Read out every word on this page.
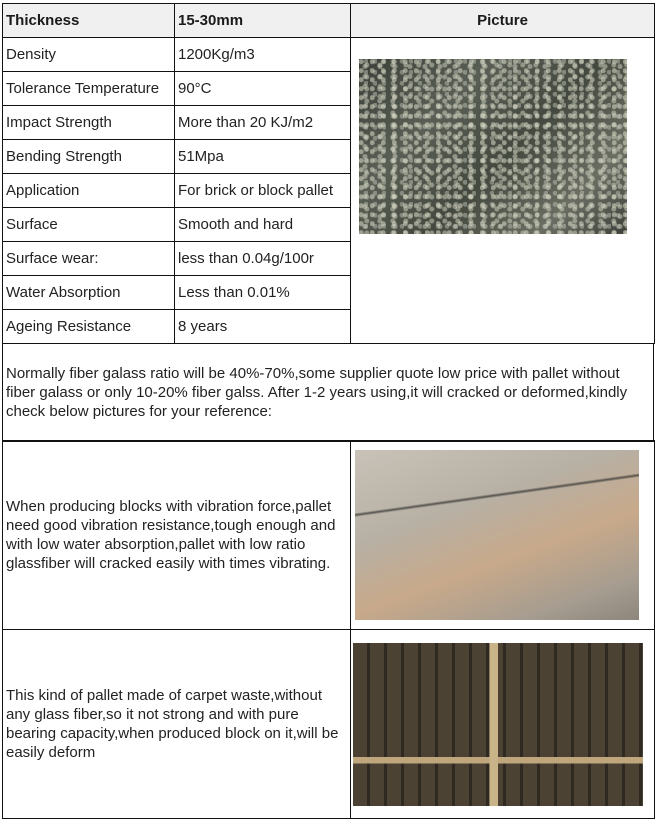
Thickness	15-30mm	Picture
Density	1200Kg/m3	

Tolerance Temperature	90°C	
Impact Strength	More than 20 KJ/m2	
Bending Strength	51Mpa	
Application	For brick or block pallet	
Surface	Smooth and hard	
Surface wear:	less than 0.04g/100r	
Water Absorption	Less than 0.01%	
Ageing Resistance	8 years	
Normally fiber galass ratio will be 40%-70%,some supplier quote low price with pallet without fiber galass or only 10-20% fiber galss. After 1-2 years using,it will cracked or deformed,kindly check below pictures for your reference:
When producing blocks with vibration force,pallet need good vibration resistance,tough enough and with low water absorption,pallet with low ratio glassfiber will cracked easily with times vibrating.	

This kind of pallet made of carpet waste,without any glass fiber,so it not strong and with pure bearing capacity,when produced block on it,will be easily deform	
